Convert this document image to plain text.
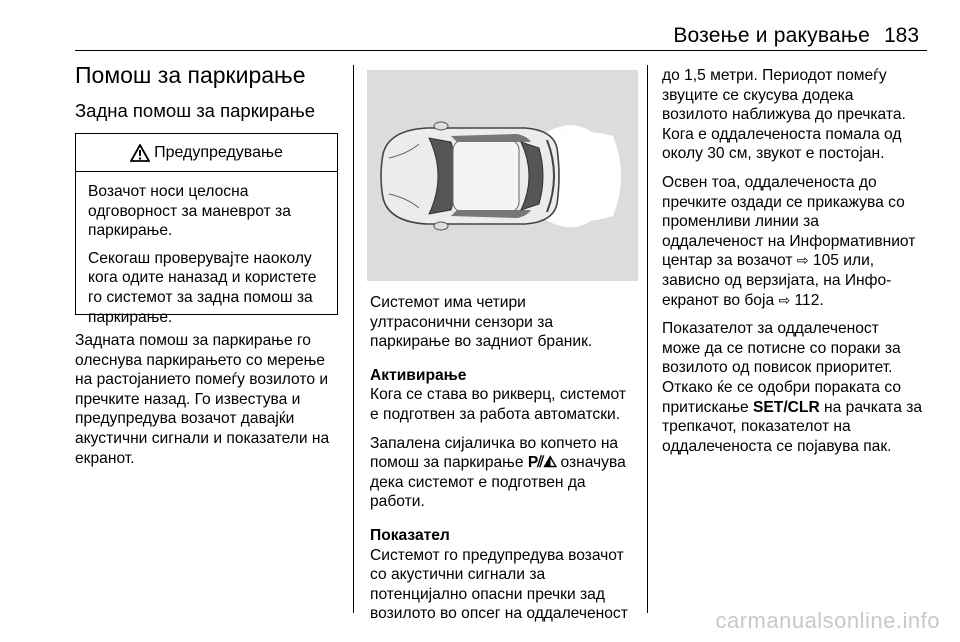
Возење и ракување 183
Помош за паркирање
Задна помош за паркирање
Предупредување

Возачот носи целосна
одговорност за маневрот за
паркирање.

Секогаш проверувајте наоколу
кога одите наназад и користете
го системот за задна помош за
паркирање.

Задната помош за паркирање го
олеснува паркирањето со мерење
на растојанието помеѓу возилото и
пречките назад. Го известува и
предупредува возачот давајќи
акустични сигнали и показатели на
екранот.

Системот има четири
ултрасонични сензори за
паркирање во задниот браник.

Активирање
Кога се става во рикверц, системот
е подготвен за работа автоматски.

Запалена сијаличка во копчето на
помош за паркирање P⫽◭ означува
дека системот е подготвен да
работи.

Показател
Системот го предупредува возачот
со акустични сигнали за
потенцијално опасни пречки зад
возилото во опсег на оддалеченост

до 1,5 метри. Периодот помеѓу
звуците се скусува додека
возилото наближува до пречката.
Кога е оддалеченоста помала од
околу 30 см, звукот е постојан.

Освен тоа, оддалеченоста до
пречките оздади се прикажува со
променливи линии за
оддалеченост на Информативниот
центар за возачот ⇨ 105 или,
зависно од верзијата, на Инфо-
екранот во боја ⇨ 112.

Показателот за оддалеченост
може да се потисне со пораки за
возилото од повисок приоритет.
Откако ќе се одобри пораката со
притискање SET/CLR на рачката за
трепкачот, показателот на
оддалеченоста се појавува пак.

carmanualsonline.info
